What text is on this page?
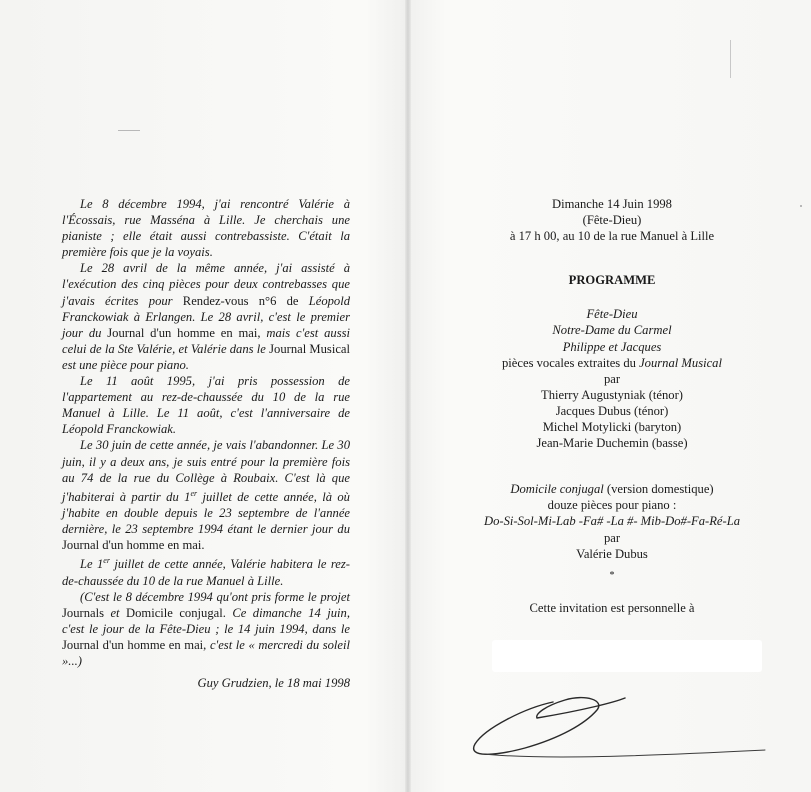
Le 8 décembre 1994, j'ai rencontré Valérie à l'Écossais, rue Masséna à Lille. Je cherchais une pianiste ; elle était aussi contrebassiste. C'était la première fois que je la voyais.

Le 28 avril de la même année, j'ai assisté à l'exécution des cinq pièces pour deux contrebasses que j'avais écrites pour Rendez-vous n°6 de Léopold Franckowiak à Erlangen. Le 28 avril, c'est le premier jour du Journal d'un homme en mai, mais c'est aussi celui de la Ste Valérie, et Valérie dans le Journal Musical est une pièce pour piano.

Le 11 août 1995, j'ai pris possession de l'appartement au rez-de-chaussée du 10 de la rue Manuel à Lille. Le 11 août, c'est l'anniversaire de Léopold Franckowiak.

Le 30 juin de cette année, je vais l'abandonner. Le 30 juin, il y a deux ans, je suis entré pour la première fois au 74 de la rue du Collège à Roubaix. C'est là que j'habiterai à partir du 1er juillet de cette année, là où j'habite en double depuis le 23 septembre de l'année dernière, le 23 septembre 1994 étant le dernier jour du Journal d'un homme en mai.

Le 1er juillet de cette année, Valérie habitera le rez-de-chaussée du 10 de la rue Manuel à Lille.

(C'est le 8 décembre 1994 qu'ont pris forme le projet Journals et Domicile conjugal. Ce dimanche 14 juin, c'est le jour de la Fête-Dieu ; le 14 juin 1994, dans le Journal d'un homme en mai, c'est le « mercredi du soleil »...)

Guy Grudzien, le 18 mai 1998

Dimanche 14 Juin 1998
(Fête-Dieu)
à 17 h 00, au 10 de la rue Manuel à Lille
PROGRAMME
Fête-Dieu
Notre-Dame du Carmel
Philippe et Jacques
pièces vocales extraites du Journal Musical
par
Thierry Augustyniak (ténor)
Jacques Dubus (ténor)
Michel Motylicki (baryton)
Jean-Marie Duchemin (basse)
Domicile conjugal (version domestique)
douze pièces pour piano :
Do-Si-Sol-Mi-Lab -Fa# -La #- Mib-Do#-Fa-Ré-La
par
Valérie Dubus
*
Cette invitation est personnelle à
